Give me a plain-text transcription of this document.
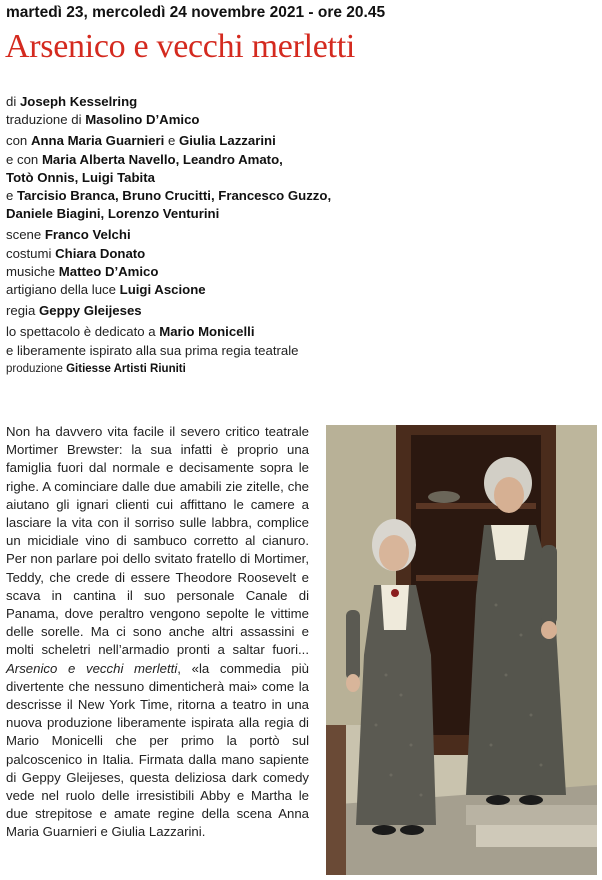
martedì 23, mercoledì 24 novembre 2021 - ore 20.45
Arsenico e vecchi merletti
di Joseph Kesselring
traduzione di Masolino D’Amico
con Anna Maria Guarnieri e Giulia Lazzarini
e con Maria Alberta Navello, Leandro Amato,
Totò Onnis, Luigi Tabita
e Tarcisio Branca, Bruno Crucitti, Francesco Guzzo,
Daniele Biagini, Lorenzo Venturini
scene Franco Velchi
costumi Chiara Donato
musiche Matteo D’Amico
artigiano della luce Luigi Ascione
regia Geppy Gleijeses
lo spettacolo è dedicato a Mario Monicelli
e liberamente ispirato alla sua prima regia teatrale
produzione Gitiesse Artisti Riuniti
Non ha davvero vita facile il severo critico teatrale Mortimer Brewster: la sua infatti è proprio una famiglia fuori dal normale e decisamente sopra le righe. A cominciare dalle due amabili zie zitelle, che aiutano gli ignari clienti cui affittano le camere a lasciare la vita con il sorriso sulle labbra, complice un micidiale vino di sambuco corretto al cianuro. Per non parlare poi dello svitato fratello di Mortimer, Teddy, che crede di essere Theodore Roosevelt e scava in cantina il suo personale Canale di Panama, dove peraltro vengono sepolte le vittime delle sorelle. Ma ci sono anche altri assassini e molti scheletri nell’armadio pronti a saltar fuori... Arsenico e vecchi merletti, «la commedia più divertente che nessuno dimenticherà mai» come la descrisse il New York Time, ritorna a teatro in una nuova produzione liberamente ispirata alla regia di Mario Monicelli che per primo la portò sul palcoscenico in Italia. Firmata dalla mano sapiente di Geppy Gleijeses, questa deliziosa dark comedy vede nel ruolo delle irresistibili Abby e Martha le due strepitose e amate regine della scena Anna Maria Guarnieri e Giulia Lazzarini.
